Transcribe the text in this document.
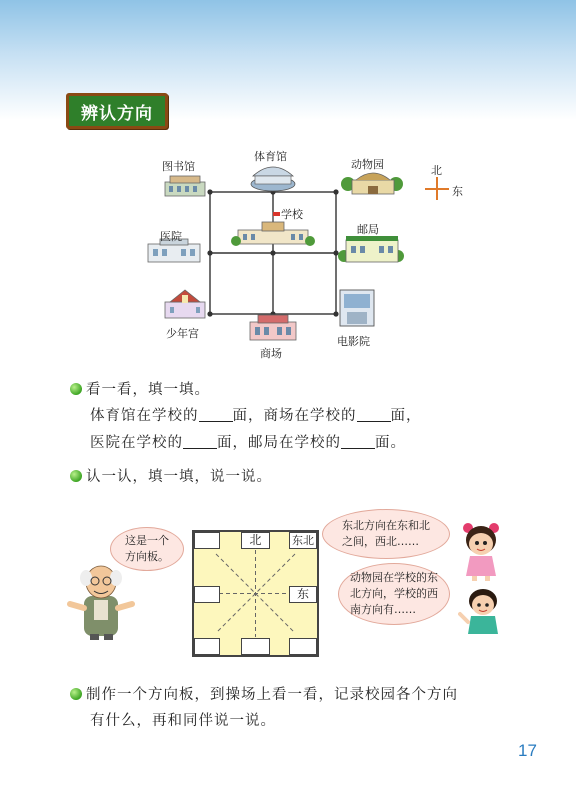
辨认方向
图书馆
体育馆
动物园
医院
学校
邮局
少年宫
商场
电影院
北
东
看一看，填一填。
体育馆在学校的 面，商场在学校的 面，
医院在学校的 面，邮局在学校的 面。
认一认，填一填，说一说。
这是一个
方向板。
北	东北
东
东北方向在东和北
之间，西北……
动物园在学校的东
北方向，学校的西
南方向有……
制作一个方向板，到操场上看一看，记录校园各个方向
有什么，再和同伴说一说。
17
